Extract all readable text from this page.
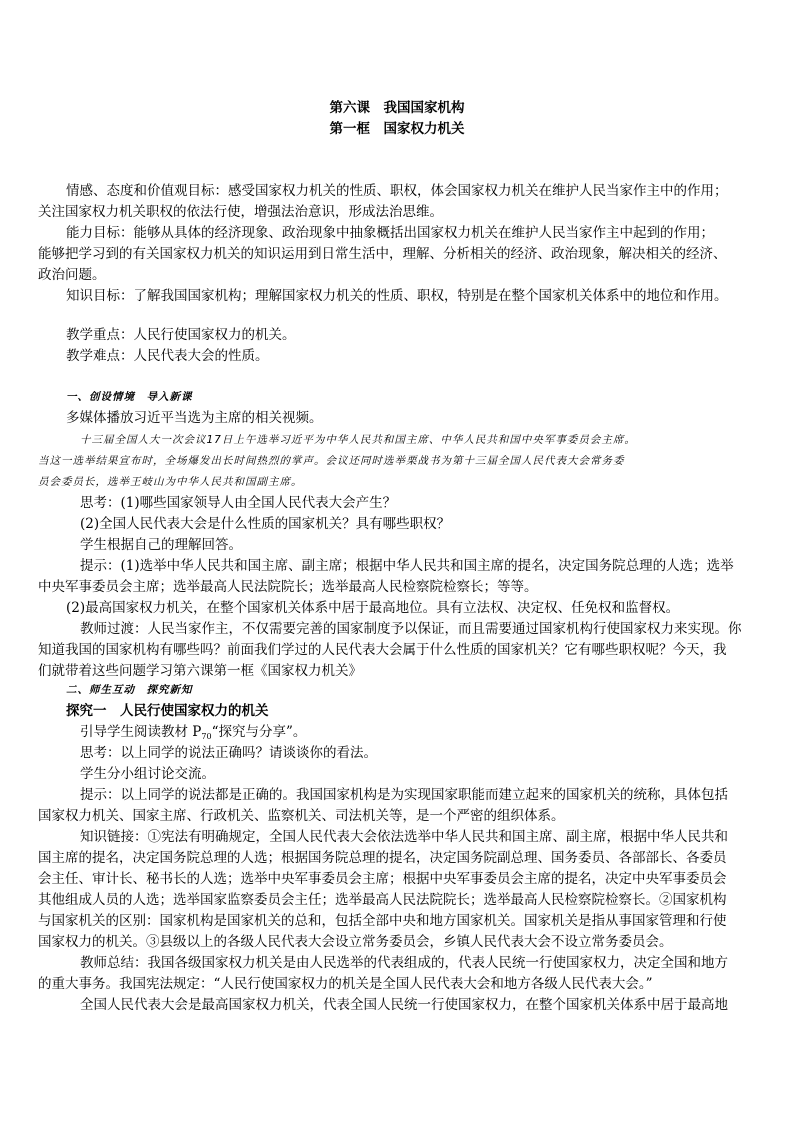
第六课　我国国家机构
第一框　国家权力机关
情感、态度和价值观目标：感受国家权力机关的性质、职权，体会国家权力机关在维护人民当家作主中的作用；
关注国家权力机关职权的依法行使，增强法治意识，形成法治思维。
能力目标：能够从具体的经济现象、政治现象中抽象概括出国家权力机关在维护人民当家作主中起到的作用；
能够把学习到的有关国家权力机关的知识运用到日常生活中，理解、分析相关的经济、政治现象，解决相关的经济、
政治问题。
知识目标：了解我国国家机构；理解国家权力机关的性质、职权，特别是在整个国家机关体系中的地位和作用。
教学重点：人民行使国家权力的机关。
教学难点：人民代表大会的性质。
一、创设情境　导入新课
多媒体播放习近平当选为主席的相关视频。
十三届全国人大一次会议17日上午选举习近平为中华人民共和国主席、中华人民共和国中央军事委员会主席。
当这一选举结果宣布时，全场爆发出长时间热烈的掌声。会议还同时选举栗战书为第十三届全国人民代表大会常务委
员会委员长，选举王岐山为中华人民共和国副主席。
思考：(1)哪些国家领导人由全国人民代表大会产生？
(2)全国人民代表大会是什么性质的国家机关？具有哪些职权？
学生根据自己的理解回答。
提示：(1)选举中华人民共和国主席、副主席；根据中华人民共和国主席的提名，决定国务院总理的人选；选举
中央军事委员会主席；选举最高人民法院院长；选举最高人民检察院检察长；等等。
(2)最高国家权力机关，在整个国家机关体系中居于最高地位。具有立法权、决定权、任免权和监督权。
教师过渡：人民当家作主，不仅需要完善的国家制度予以保证，而且需要通过国家机构行使国家权力来实现。你
知道我国的国家机构有哪些吗？前面我们学过的人民代表大会属于什么性质的国家机关？它有哪些职权呢？今天，我
们就带着这些问题学习第六课第一框《国家权力机关》
二、师生互动　探究新知
探究一　人民行使国家权力的机关
引导学生阅读教材 $P_{70}“$探究与分享”。
思考：以上同学的说法正确吗？请谈谈你的看法。
学生分小组讨论交流。
提示：以上同学的说法都是正确的。我国国家机构是为实现国家职能而建立起来的国家机关的统称，具体包括
国家权力机关、国家主席、行政机关、监察机关、司法机关等，是一个严密的组织体系。
知识链接：①宪法有明确规定，全国人民代表大会依法选举中华人民共和国主席、副主席，根据中华人民共和
国主席的提名，决定国务院总理的人选；根据国务院总理的提名，决定国务院副总理、国务委员、各部部长、各委员
会主任、审计长、秘书长的人选；选举中央军事委员会主席；根据中央军事委员会主席的提名，决定中央军事委员会
其他组成人员的人选；选举国家监察委员会主任；选举最高人民法院院长；选举最高人民检察院检察长。②国家机构
与国家机关的区别：国家机构是国家机关的总和，包括全部中央和地方国家机关。国家机关是指从事国家管理和行使
国家权力的机关。③县级以上的各级人民代表大会设立常务委员会，乡镇人民代表大会不设立常务委员会。
教师总结：我国各级国家权力机关是由人民选举的代表组成的，代表人民统一行使国家权力，决定全国和地方
的重大事务。我国宪法规定：“人民行使国家权力的机关是全国人民代表大会和地方各级人民代表大会。”
全国人民代表大会是最高国家权力机关，代表全国人民统一行使国家权力，在整个国家机关体系中居于最高地
